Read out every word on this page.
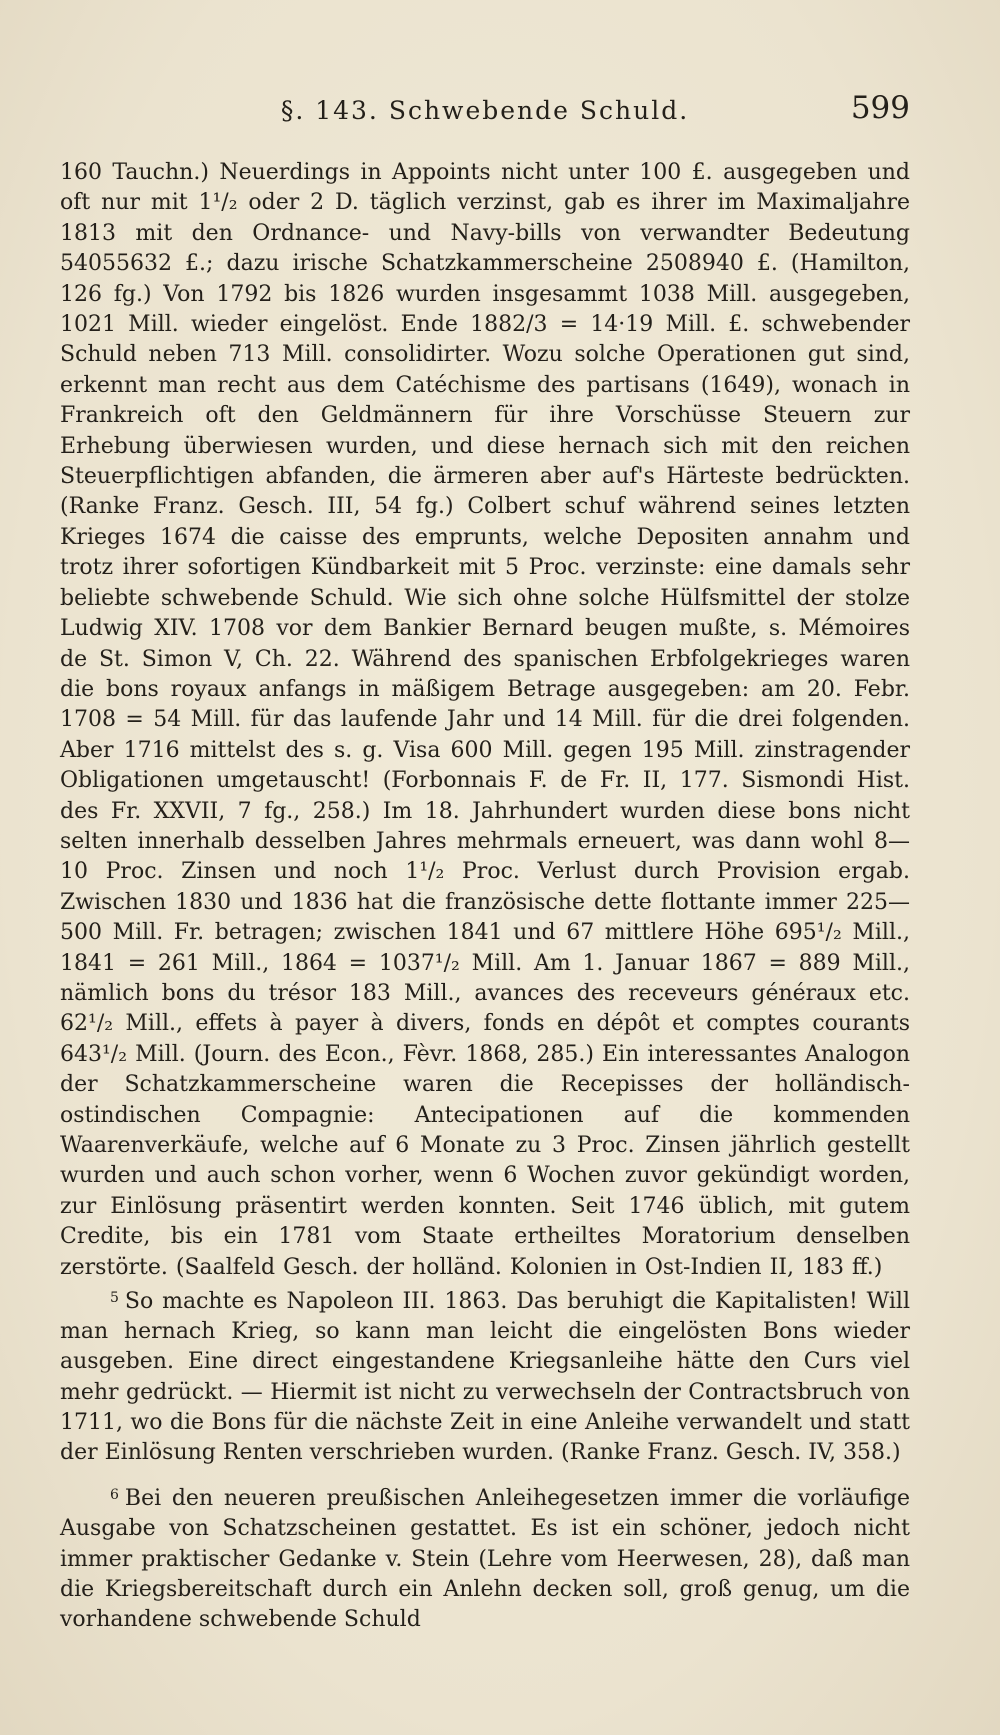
§. 143. Schwebende Schuld.	599

160 Tauchn.) Neuerdings in Appoints nicht unter 100 £. ausgegeben und oft nur mit 1¹/₂ oder 2 D. täglich verzinst, gab es ihrer im Maximaljahre 1813 mit den Ordnance- und Navy-bills von verwandter Bedeutung 54055632 £.; dazu irische Schatzkammerscheine 2508940 £. (Hamilton, 126 fg.) Von 1792 bis 1826 wurden insgesammt 1038 Mill. ausgegeben, 1021 Mill. wieder eingelöst. Ende 1882/3 = 14·19 Mill. £. schwebender Schuld neben 713 Mill. consolidirter. Wozu solche Operationen gut sind, erkennt man recht aus dem Catéchisme des partisans (1649), wonach in Frankreich oft den Geldmännern für ihre Vorschüsse Steuern zur Erhebung überwiesen wurden, und diese hernach sich mit den reichen Steuerpflichtigen abfanden, die ärmeren aber auf's Härteste bedrückten. (Ranke Franz. Gesch. III, 54 fg.) Colbert schuf während seines letzten Krieges 1674 die caisse des emprunts, welche Depositen annahm und trotz ihrer sofortigen Kündbarkeit mit 5 Proc. verzinste: eine damals sehr beliebte schwebende Schuld. Wie sich ohne solche Hülfsmittel der stolze Ludwig XIV. 1708 vor dem Bankier Bernard beugen mußte, s. Mémoires de St. Simon V, Ch. 22. Während des spanischen Erbfolgekrieges waren die bons royaux anfangs in mäßigem Betrage ausgegeben: am 20. Febr. 1708 = 54 Mill. für das laufende Jahr und 14 Mill. für die drei folgenden. Aber 1716 mittelst des s. g. Visa 600 Mill. gegen 195 Mill. zinstragender Obligationen umgetauscht! (Forbonnais F. de Fr. II, 177. Sismondi Hist. des Fr. XXVII, 7 fg., 258.) Im 18. Jahrhundert wurden diese bons nicht selten innerhalb desselben Jahres mehrmals erneuert, was dann wohl 8—10 Proc. Zinsen und noch 1¹/₂ Proc. Verlust durch Provision ergab. Zwischen 1830 und 1836 hat die französische dette flottante immer 225—500 Mill. Fr. betragen; zwischen 1841 und 67 mittlere Höhe 695¹/₂ Mill., 1841 = 261 Mill., 1864 = 1037¹/₂ Mill. Am 1. Januar 1867 = 889 Mill., nämlich bons du trésor 183 Mill., avances des receveurs généraux etc. 62¹/₂ Mill., effets à payer à divers, fonds en dépôt et comptes courants 643¹/₂ Mill. (Journ. des Econ., Fèvr. 1868, 285.) Ein interessantes Analogon der Schatzkammerscheine waren die Recepisses der holländisch-ostindischen Compagnie: Antecipationen auf die kommenden Waarenverkäufe, welche auf 6 Monate zu 3 Proc. Zinsen jährlich gestellt wurden und auch schon vorher, wenn 6 Wochen zuvor gekündigt worden, zur Einlösung präsentirt werden konnten. Seit 1746 üblich, mit gutem Credite, bis ein 1781 vom Staate ertheiltes Moratorium denselben zerstörte. (Saalfeld Gesch. der holländ. Kolonien in Ost-Indien II, 183 ff.)

$^5$ So machte es Napoleon III. 1863. Das beruhigt die Kapitalisten! Will man hernach Krieg, so kann man leicht die eingelösten Bons wieder ausgeben. Eine direct eingestandene Kriegsanleihe hätte den Curs viel mehr gedrückt. — Hiermit ist nicht zu verwechseln der Contractsbruch von 1711, wo die Bons für die nächste Zeit in eine Anleihe verwandelt und statt der Einlösung Renten verschrieben wurden. (Ranke Franz. Gesch. IV, 358.)

$^6$ Bei den neueren preußischen Anleihegesetzen immer die vorläufige Ausgabe von Schatzscheinen gestattet. Es ist ein schöner, jedoch nicht immer praktischer Gedanke v. Stein (Lehre vom Heerwesen, 28), daß man die Kriegsbereitschaft durch ein Anlehn decken soll, groß genug, um die vorhandene schwebende Schuld
